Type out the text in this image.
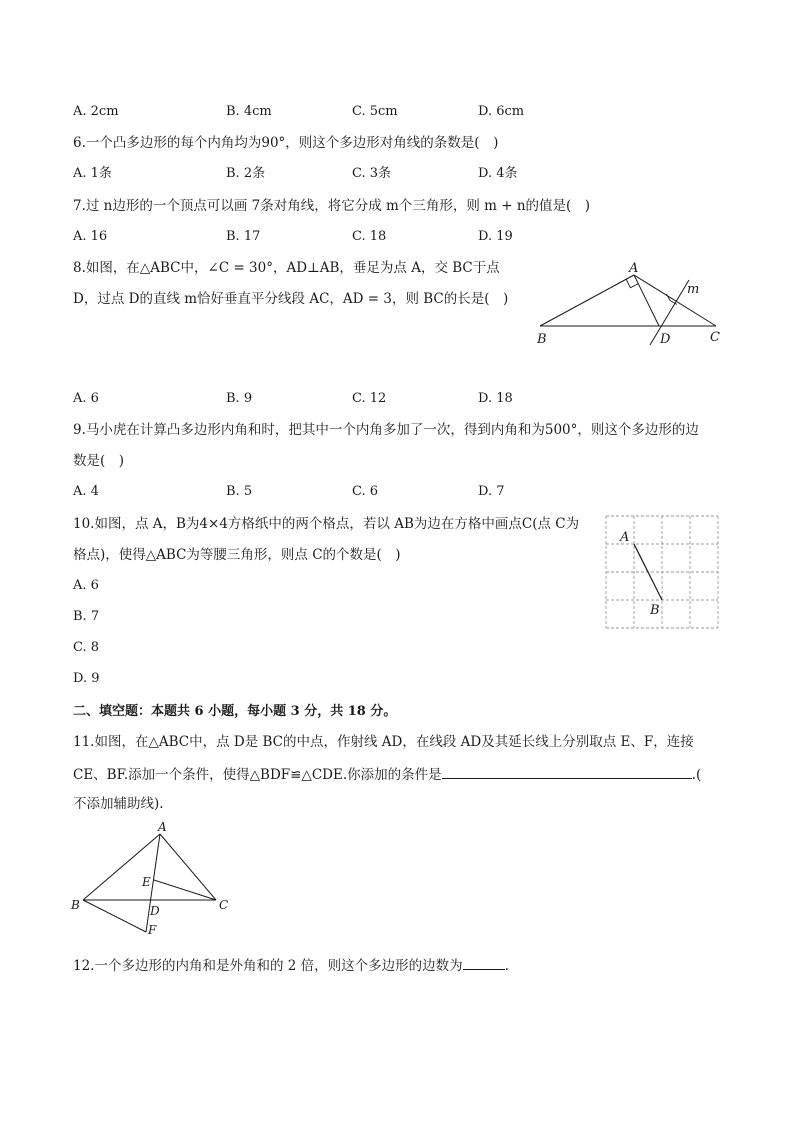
A. 2cm	B. 4cm	C. 5cm	D. 6cm
6.一个凸多边形的每个内角均为90°，则这个多边形对角线的条数是(　)
A. 1条	B. 2条	C. 3条	D. 4条
7.过 n边形的一个顶点可以画 7条对角线，将它分成 m个三角形，则 m + n的值是(　)
A. 16	B. 17	C. 18	D. 19
8.如图，在△ABC中，∠C = 30°，AD⊥AB，垂足为点 A，交 BC于点
D，过点 D的直线 m恰好垂直平分线段 AC，AD = 3，则 BC的长是(　)
A
B	C
D
m
A. 6	B. 9	C. 12	D. 18
9.马小虎在计算凸多边形内角和时，把其中一个内角多加了一次，得到内角和为500°，则这个多边形的边
数是(　)
A. 4	B. 5	C. 6	D. 7
10.如图，点 A，B为4×4方格纸中的两个格点，若以 AB为边在方格中画点C(点 C为
格点)，使得△ABC为等腰三角形，则点 C的个数是(　)
A
B
A. 6
B. 7
C. 8
D. 9
二、填空题：本题共 6 小题，每小题 3 分，共 18 分。
11.如图，在△ABC中，点 D是 BC的中点，作射线 AD，在线段 AD及其延长线上分别取点 E、F，连接
CE、BF.添加一个条件，使得△BDF≌△CDE.你添加的条件是	.(
不添加辅助线).
A
B	C
D
E
F
12.一个多边形的内角和是外角和的 2 倍，则这个多边形的边数为	.
